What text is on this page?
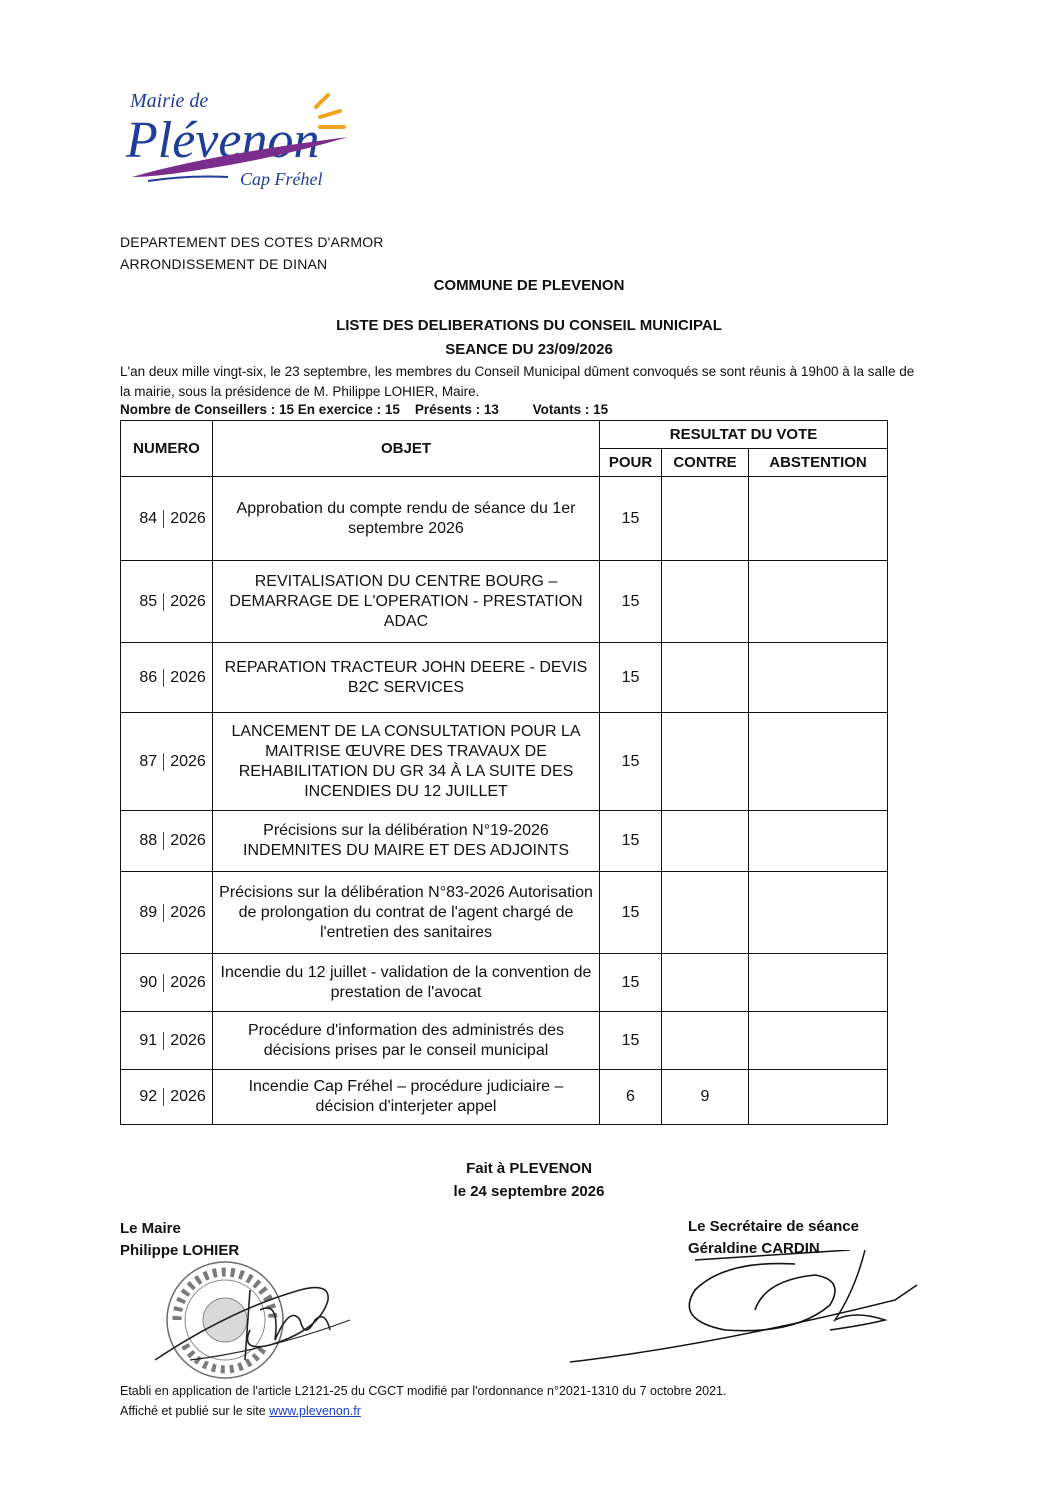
Mairie de
Plévenon
Cap Fréhel
DEPARTEMENT DES COTES D'ARMOR
ARRONDISSEMENT DE DINAN
COMMUNE DE PLEVENON
LISTE DES DELIBERATIONS DU CONSEIL MUNICIPAL
SEANCE DU 23/09/2026
L'an deux mille vingt-six, le 23 septembre, les membres du Conseil Municipal dûment convoqués se sont réunis à 19h00 à la salle de la mairie, sous la présidence de M. Philippe LOHIER, Maire.
Nombre de Conseillers : 15 En exercice : 15    Présents : 13         Votants : 15
NUMERO	OBJET	RESULTAT DU VOTE		
		POUR	CONTRE	ABSTENTION

84 2026	Approbation du compte rendu de séance du 1er septembre 2026	15		

85 2026	REVITALISATION DU CENTRE BOURG – DEMARRAGE DE L'OPERATION - PRESTATION ADAC	15		

86 2026	REPARATION TRACTEUR JOHN DEERE - DEVIS B2C SERVICES	15		

87 2026	LANCEMENT DE LA CONSULTATION POUR LA MAITRISE ŒUVRE DES TRAVAUX DE REHABILITATION DU GR 34 À LA SUITE DES INCENDIES DU 12 JUILLET	15		

88 2026	Précisions sur la délibération N°19-2026 INDEMNITES DU MAIRE ET DES ADJOINTS	15		

89 2026	Précisions sur la délibération N°83-2026 Autorisation de prolongation du contrat de l'agent chargé de l'entretien des sanitaires	15		

90 2026	Incendie du 12 juillet - validation de la convention de prestation de l'avocat	15		

91 2026	Procédure d'information des administrés des décisions prises par le conseil municipal	15		

92 2026	Incendie Cap Fréhel – procédure judiciaire – décision d'interjeter appel	6	9	
Fait à PLEVENON
le 24 septembre 2026
Le Maire
Philippe LOHIER
Le Secrétaire de séance
Géraldine CARDIN
Etabli en application de l'article L2121-25 du CGCT modifié par l'ordonnance n°2021-1310 du 7 octobre 2021.
Affiché et publié sur le site www.plevenon.fr
